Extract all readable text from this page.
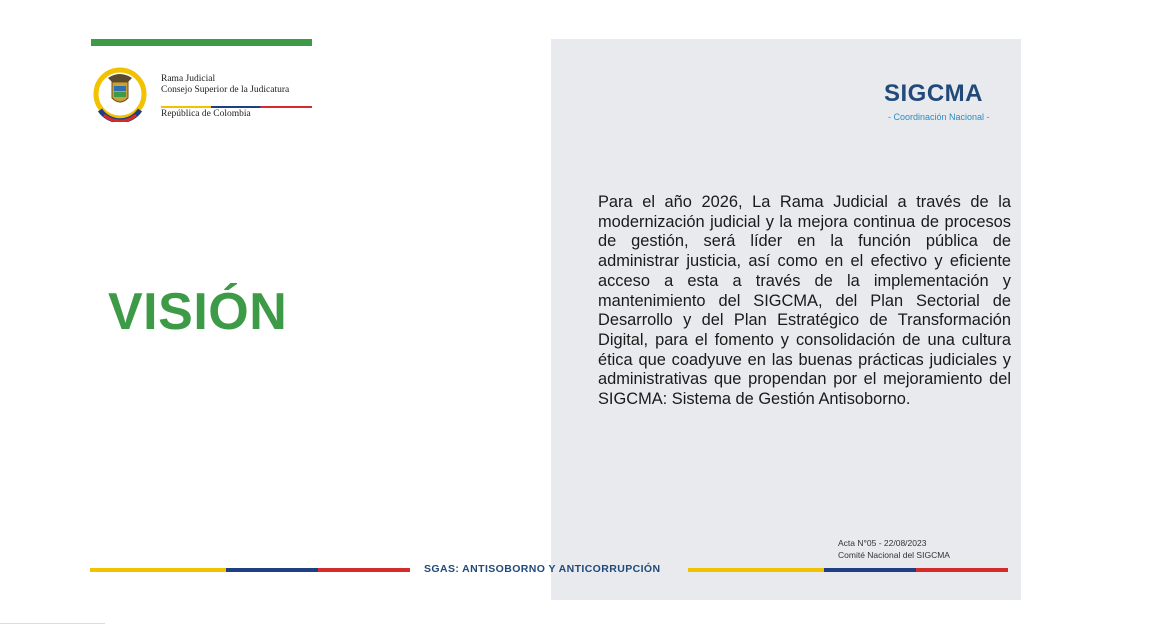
Rama Judicial
Consejo Superior de la Judicatura
República de Colombia
VISIÓN
SIGCMA
- Coordinación Nacional -
Para el año 2026, La Rama Judicial a través de la modernización judicial y la mejora continua de procesos de gestión, será líder en la función pública de administrar justicia, así como en el efectivo y eficiente acceso a esta a través de la implementación y mantenimiento del SIGCMA, del Plan Sectorial de Desarrollo y del Plan Estratégico de Transformación Digital, para el fomento y consolidación de una cultura ética que coadyuve en las buenas prácticas judiciales y administrativas que propendan por el mejoramiento del SIGCMA: Sistema de Gestión Antisoborno.
Acta N°05 - 22/08/2023
Comité Nacional del SIGCMA
SGAS: ANTISOBORNO Y ANTICORRUPCIÓN
